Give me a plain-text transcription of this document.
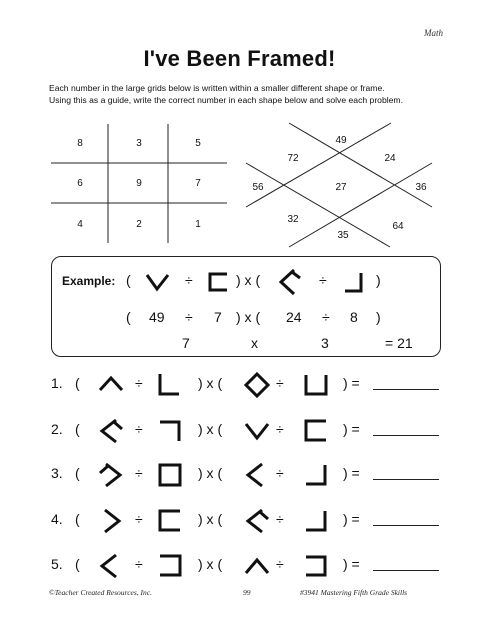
Math
I've Been Framed!
Each number in the large grids below is written within a smaller different shape or frame.
Using this as a guide, write the correct number in each shape below and solve each problem.
8	3	5
6	9	7
4	2	1
49
72	24
56	27	36
32
35
64
Example: (	÷	) x (	÷	)
( 49 ÷ 7 ) x ( 24 ÷ 8 )
7	x	3	= 21
1. (	÷	) x (	÷	) =
2. (	÷	) x (	÷	) =
3. (	÷	) x (	÷	) =
4. (	÷	) x (	÷	) =
5. (	÷	) x (	÷	) =
©Teacher Created Resources, Inc.	99	#3941 Mastering Fifth Grade Skills
